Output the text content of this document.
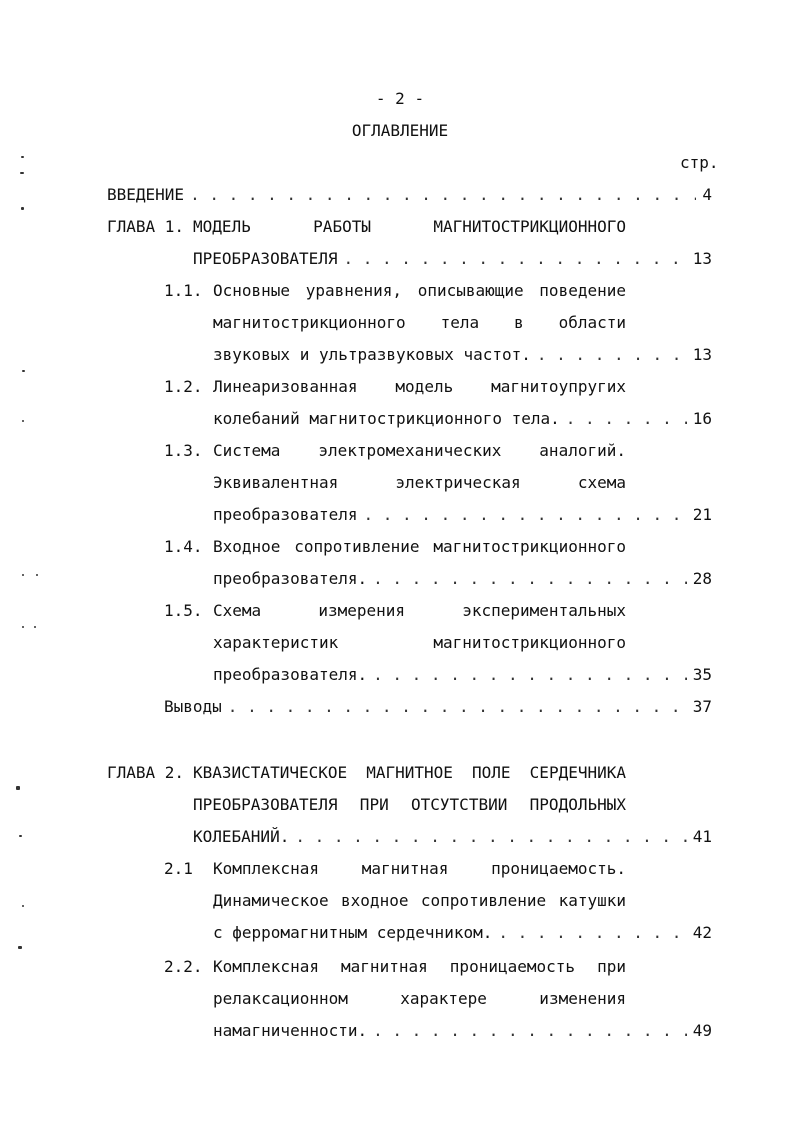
- 2 -
ОГЛАВЛЕНИЕ
стр.
ВВЕДЕНИЕ . . .	4
ГЛАВА 1. МОДЕЛЬ РАБОТЫ МАГНИТОСТРИКЦИОННОГО
ПРЕОБРАЗОВАТЕЛЯ . . .	13
1.1. Основные уравнения, описывающие поведение
магнитострикционного тела в области
звуковых и ультразвуковых частот. . . .	13
1.2. Линеаризованная модель магнитоупругих
колебаний магнитострикционного тела. . . .	16
1.3. Система электромеханических аналогий.
Эквивалентная электрическая схема
преобразователя . . .	21
1.4. Входное сопротивление магнитострикционного
преобразователя. . . .	28
1.5. Схема измерения экспериментальных
характеристик магнитострикционного
преобразователя. . . .	35
Выводы . . .	37
ГЛАВА 2. КВАЗИСТАТИЧЕСКОЕ МАГНИТНОЕ ПОЛЕ СЕРДЕЧНИКА
ПРЕОБРАЗОВАТЕЛЯ ПРИ ОТСУТСТВИИ ПРОДОЛЬНЫХ
КОЛЕБАНИЙ. . . .	41
2.1 Комплексная магнитная проницаемость.
Динамическое входное сопротивление катушки
с ферромагнитным сердечником. . . .	42
2.2. Комплексная магнитная проницаемость при
релаксационном характере изменения
намагниченности. . . .	49
